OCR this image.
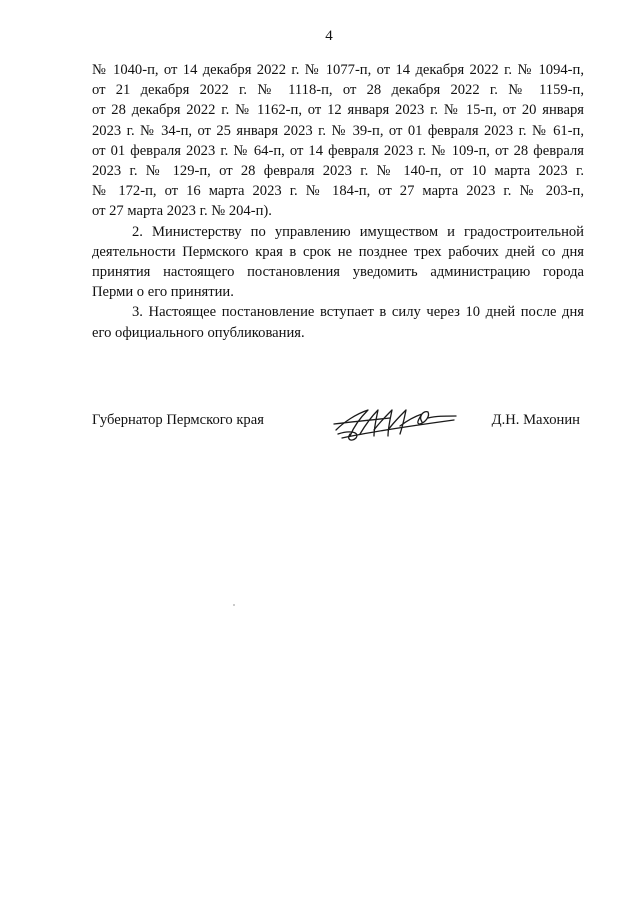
4

№ 1040-п, от 14 декабря 2022 г. № 1077-п, от 14 декабря 2022 г. № 1094-п,
от 21 декабря 2022 г. № 1118-п, от 28 декабря 2022 г. № 1159-п,
от 28 декабря 2022 г. № 1162-п, от 12 января 2023 г. № 15-п, от 20 января
2023 г. № 34-п, от 25 января 2023 г. № 39-п, от 01 февраля 2023 г. № 61-п,
от 01 февраля 2023 г. № 64-п, от 14 февраля 2023 г. № 109-п, от 28 февраля
2023 г. № 129-п, от 28 февраля 2023 г. № 140-п, от 10 марта 2023 г.
№ 172-п, от 16 марта 2023 г. № 184-п, от 27 марта 2023 г. № 203-п,
от 27 марта 2023 г. № 204-п).

2. Министерству по управлению имуществом и градостроительной
деятельности Пермского края в срок не позднее трех рабочих дней со дня
принятия настоящего постановления уведомить администрацию города
Перми о его принятии.

3. Настоящее постановление вступает в силу через 10 дней после дня
его официального опубликования.

Губернатор Пермского края	Д.Н. Махонин
